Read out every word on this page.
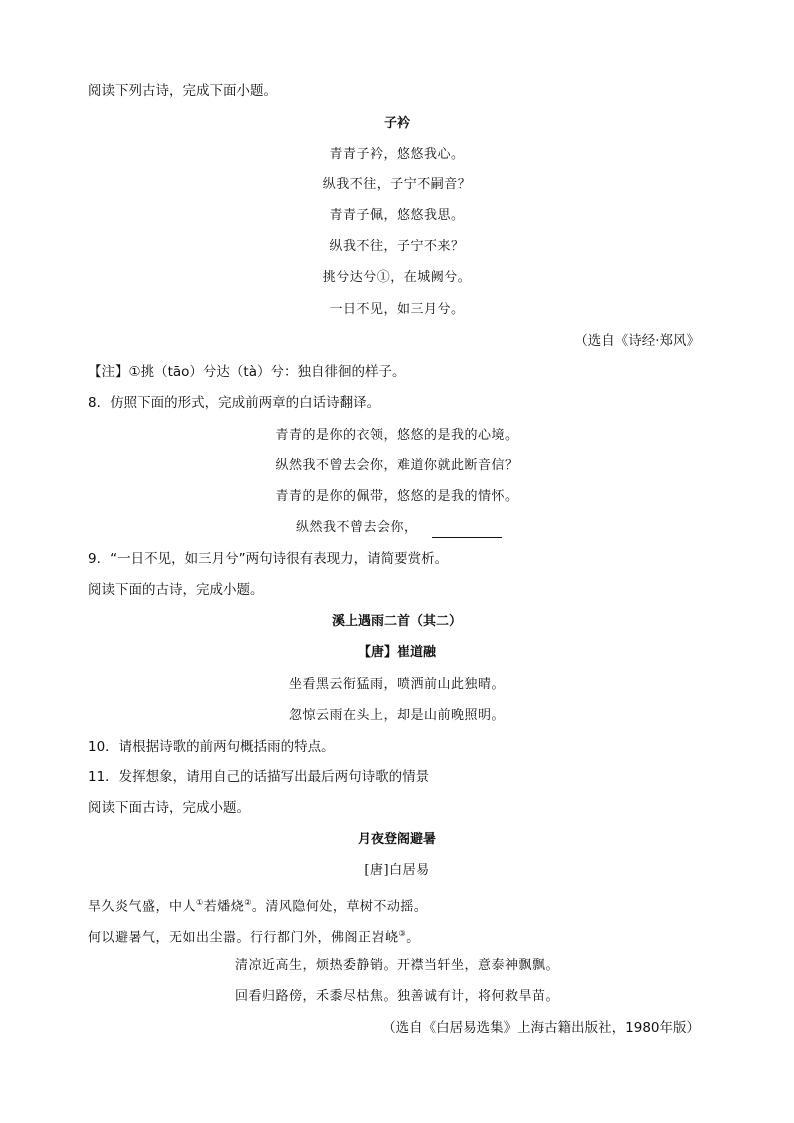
阅读下列古诗，完成下面小题。
子衿
青青子衿，悠悠我心。
纵我不往，子宁不嗣音？
青青子佩，悠悠我思。
纵我不往，子宁不来？
挑兮达兮①，在城阙兮。
一日不见，如三月兮。
（选自《诗经·郑风》
【注】①挑（tāo）兮达（tà）兮：独自徘徊的样子。
8．仿照下面的形式，完成前两章的白话诗翻译。
青青的是你的衣领，悠悠的是我的心境。
纵然我不曾去会你，难道你就此断音信？
青青的是你的佩带，悠悠的是我的情怀。
纵然我不曾去会你，
9．“一日不见，如三月兮”两句诗很有表现力，请简要赏析。
阅读下面的古诗，完成小题。
溪上遇雨二首（其二）
【唐】崔道融
坐看黑云衔猛雨，喷洒前山此独晴。
忽惊云雨在头上，却是山前晚照明。
10．请根据诗歌的前两句概括雨的特点。
11．发挥想象，请用自己的话描写出最后两句诗歌的情景
阅读下面古诗，完成小题。
月夜登阁避暑
[唐]白居易
旱久炎气盛，中人①若燔烧②。清风隐何处，草树不动摇。
何以避暑气，无如出尘嚣。行行都门外，佛阁正岧峣③。
清凉近高生，烦热委静销。开襟当轩坐，意泰神飘飘。
回看归路傍，禾黍尽枯焦。独善诚有计，将何救旱苗。
（选自《白居易选集》上海古籍出版社，1980年版）
